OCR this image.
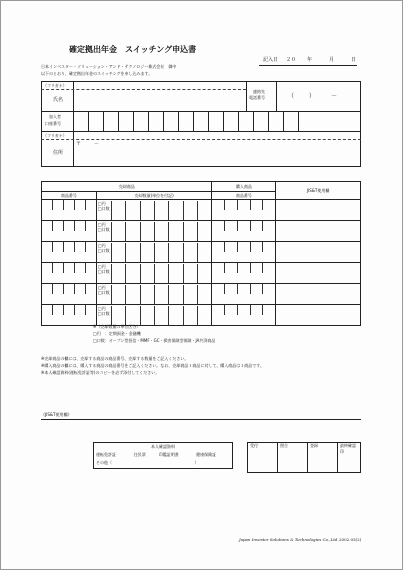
確定拠出年金　スイッチング申込書
記入日 ２０ 年	月	日
日本インベスター・ソリューション・アンド・テクノロジー株式会社　御中
以下のとおり、確定拠出年金のスイッチングを申し込みます。
（フリガナ）
氏名
連絡先
電話番号	（ ）	－
加入者
口座番号
（フリガナ）
〒	－
住所
売却商品		購入商品	JIS&T使用欄
商品番号	売却数量(単位を付記)	商品番号	

	□円
□口数		

	□円
□口数		

	□円
□口数		

	□円
□口数		

	□円
□口数		

	□円
□口数		

※（売却数量の単位区分）
□円　：定期預金・金融機
□口数：オープン型投信・MMF・GC・損害保険型保険・JA共済商品
※売却商品の欄には、売却する商品の商品番号、売却する数量をご記入ください。
※購入商品の欄には、購入する商品の商品番号をご記入ください。なお、売却商品１商品に対して、購入商品は１商品です。
※本人確認資料(運転免許証等)のコピーを必ず添付してください。
《JIS&T使用欄》
本人確認資料
運転免許証	住民票	印鑑証明書	健康保険証
その他（	）
受付	照合	登録	最終確認印
Japan Investor Solutions & Technologies Co.,Ltd. 2002.03(2)
